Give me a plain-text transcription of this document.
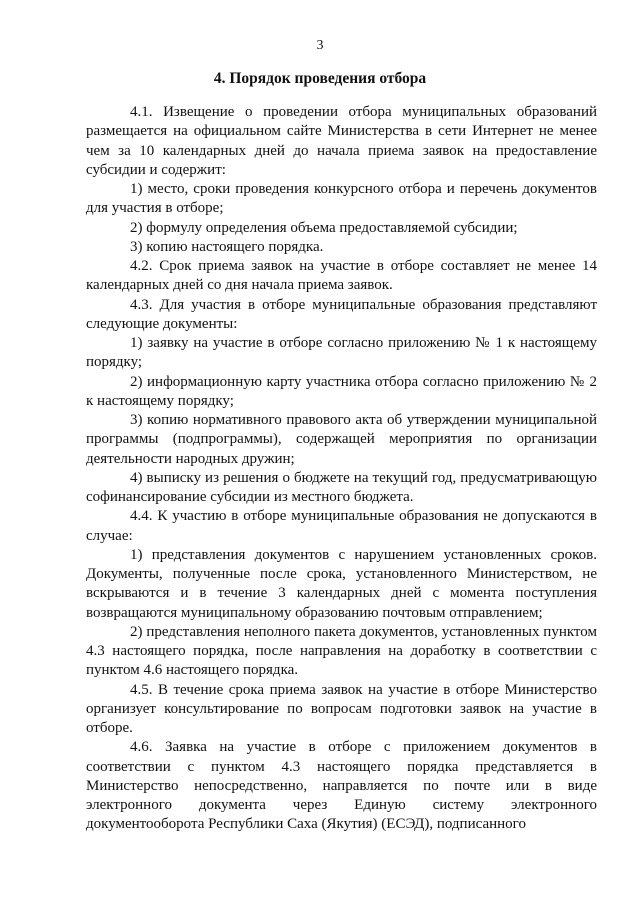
3
4. Порядок проведения отбора

4.1. Извещение о проведении отбора муниципальных образований размещается на официальном сайте Министерства в сети Интернет не менее чем за 10 календарных дней до начала приема заявок на предоставление субсидии и содержит:

1) место, сроки проведения конкурсного отбора и перечень документов для участия в отборе;

2) формулу определения объема предоставляемой субсидии;

3) копию настоящего порядка.

4.2. Срок приема заявок на участие в отборе составляет не менее 14 календарных дней со дня начала приема заявок.

4.3. Для участия в отборе муниципальные образования представляют следующие документы:

1) заявку на участие в отборе согласно приложению № 1 к настоящему порядку;

2) информационную карту участника отбора согласно приложению № 2 к настоящему порядку;

3) копию нормативного правового акта об утверждении муниципальной программы (подпрограммы), содержащей мероприятия по организации деятельности народных дружин;

4) выписку из решения о бюджете на текущий год, предусматривающую софинансирование субсидии из местного бюджета.

4.4. К участию в отборе муниципальные образования не допускаются в случае:

1) представления документов с нарушением установленных сроков. Документы, полученные после срока, установленного Министерством, не вскрываются и в течение 3 календарных дней с момента поступления возвращаются муниципальному образованию почтовым отправлением;

2) представления неполного пакета документов, установленных пунктом 4.3 настоящего порядка, после направления на доработку в соответствии с пунктом 4.6 настоящего порядка.

4.5. В течение срока приема заявок на участие в отборе Министерство организует консультирование по вопросам подготовки заявок на участие в отборе.

4.6. Заявка на участие в отборе с приложением документов в соответствии с пунктом 4.3 настоящего порядка представляется в Министерство непосредственно, направляется по почте или в виде электронного документа через Единую систему электронного документооборота Республики Саха (Якутия) (ЕСЭД), подписанного
